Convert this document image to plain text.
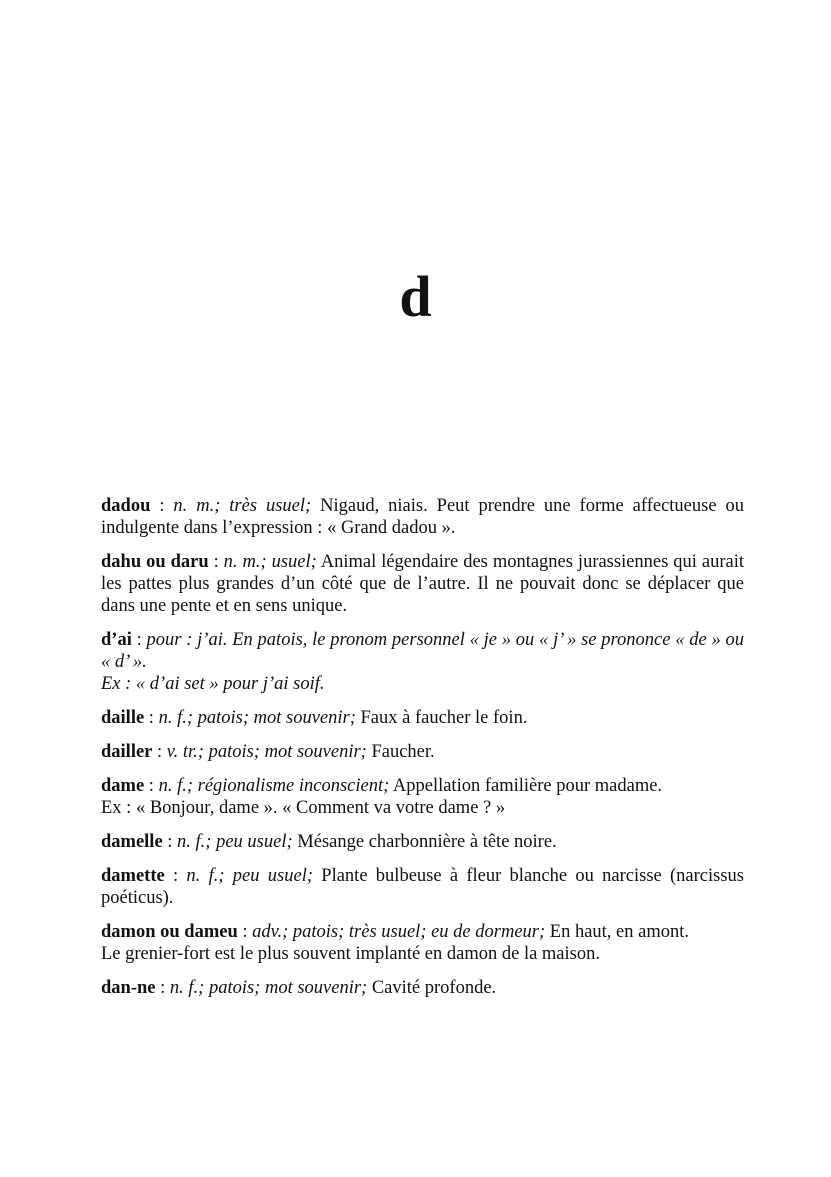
d

dadou : n. m.; très usuel; Nigaud, niais. Peut prendre une forme affectueuse ou indulgente dans l’expression : « Grand dadou ».

dahu ou daru : n. m.; usuel; Animal légendaire des montagnes jurassiennes qui aurait les pattes plus grandes d’un côté que de l’autre. Il ne pouvait donc se déplacer que dans une pente et en sens unique.

d’ai : pour : j’ai. En patois, le pronom personnel « je » ou « j’ » se prononce « de » ou « d’ ».
Ex : « d’ai set » pour j’ai soif.

daille : n. f.; patois; mot souvenir; Faux à faucher le foin.

dailler : v. tr.; patois; mot souvenir; Faucher.

dame : n. f.; régionalisme inconscient; Appellation familière pour madame.
Ex : « Bonjour, dame ». « Comment va votre dame ? »

damelle : n. f.; peu usuel; Mésange charbonnière à tête noire.

damette : n. f.; peu usuel; Plante bulbeuse à fleur blanche ou narcisse (narcissus poéticus).

damon ou dameu : adv.; patois; très usuel; eu de dormeur; En haut, en amont.
Le grenier-fort est le plus souvent implanté en damon de la maison.

dan-ne : n. f.; patois; mot souvenir; Cavité profonde.
